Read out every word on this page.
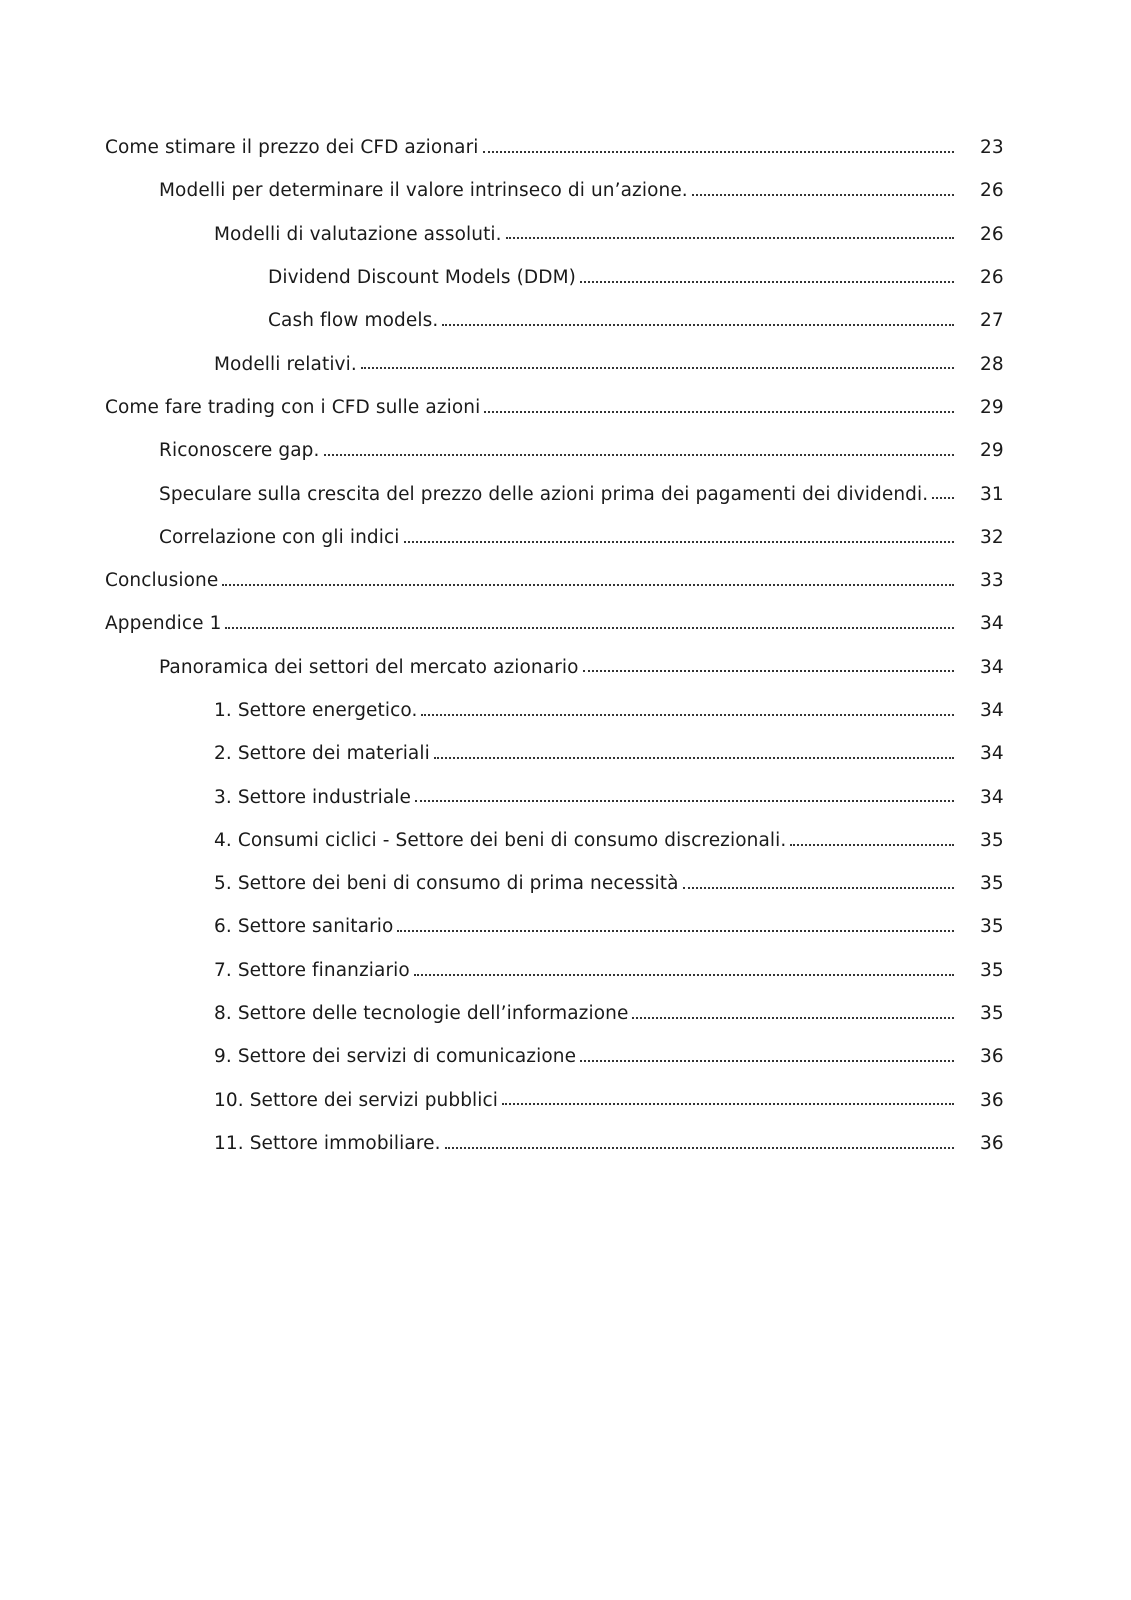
Come stimare il prezzo dei CFD azionari	23
Modelli per determinare il valore intrinseco di un’azione.	26
Modelli di valutazione assoluti.	26
Dividend Discount Models (DDM)	26
Cash flow models.	27
Modelli relativi.	28
Come fare trading con i CFD sulle azioni	29
Riconoscere gap.	29
Speculare sulla crescita del prezzo delle azioni prima dei pagamenti dei dividendi.	31
Correlazione con gli indici	32
Conclusione	33
Appendice 1	34
Panoramica dei settori del mercato azionario	34
1. Settore energetico.	34
2. Settore dei materiali	34
3. Settore industriale	34
4. Consumi ciclici - Settore dei beni di consumo discrezionali.	35
5. Settore dei beni di consumo di prima necessità	35
6. Settore sanitario	35
7. Settore finanziario	35
8. Settore delle tecnologie dell’informazione	35
9. Settore dei servizi di comunicazione	36
10. Settore dei servizi pubblici	36
11. Settore immobiliare.	36
